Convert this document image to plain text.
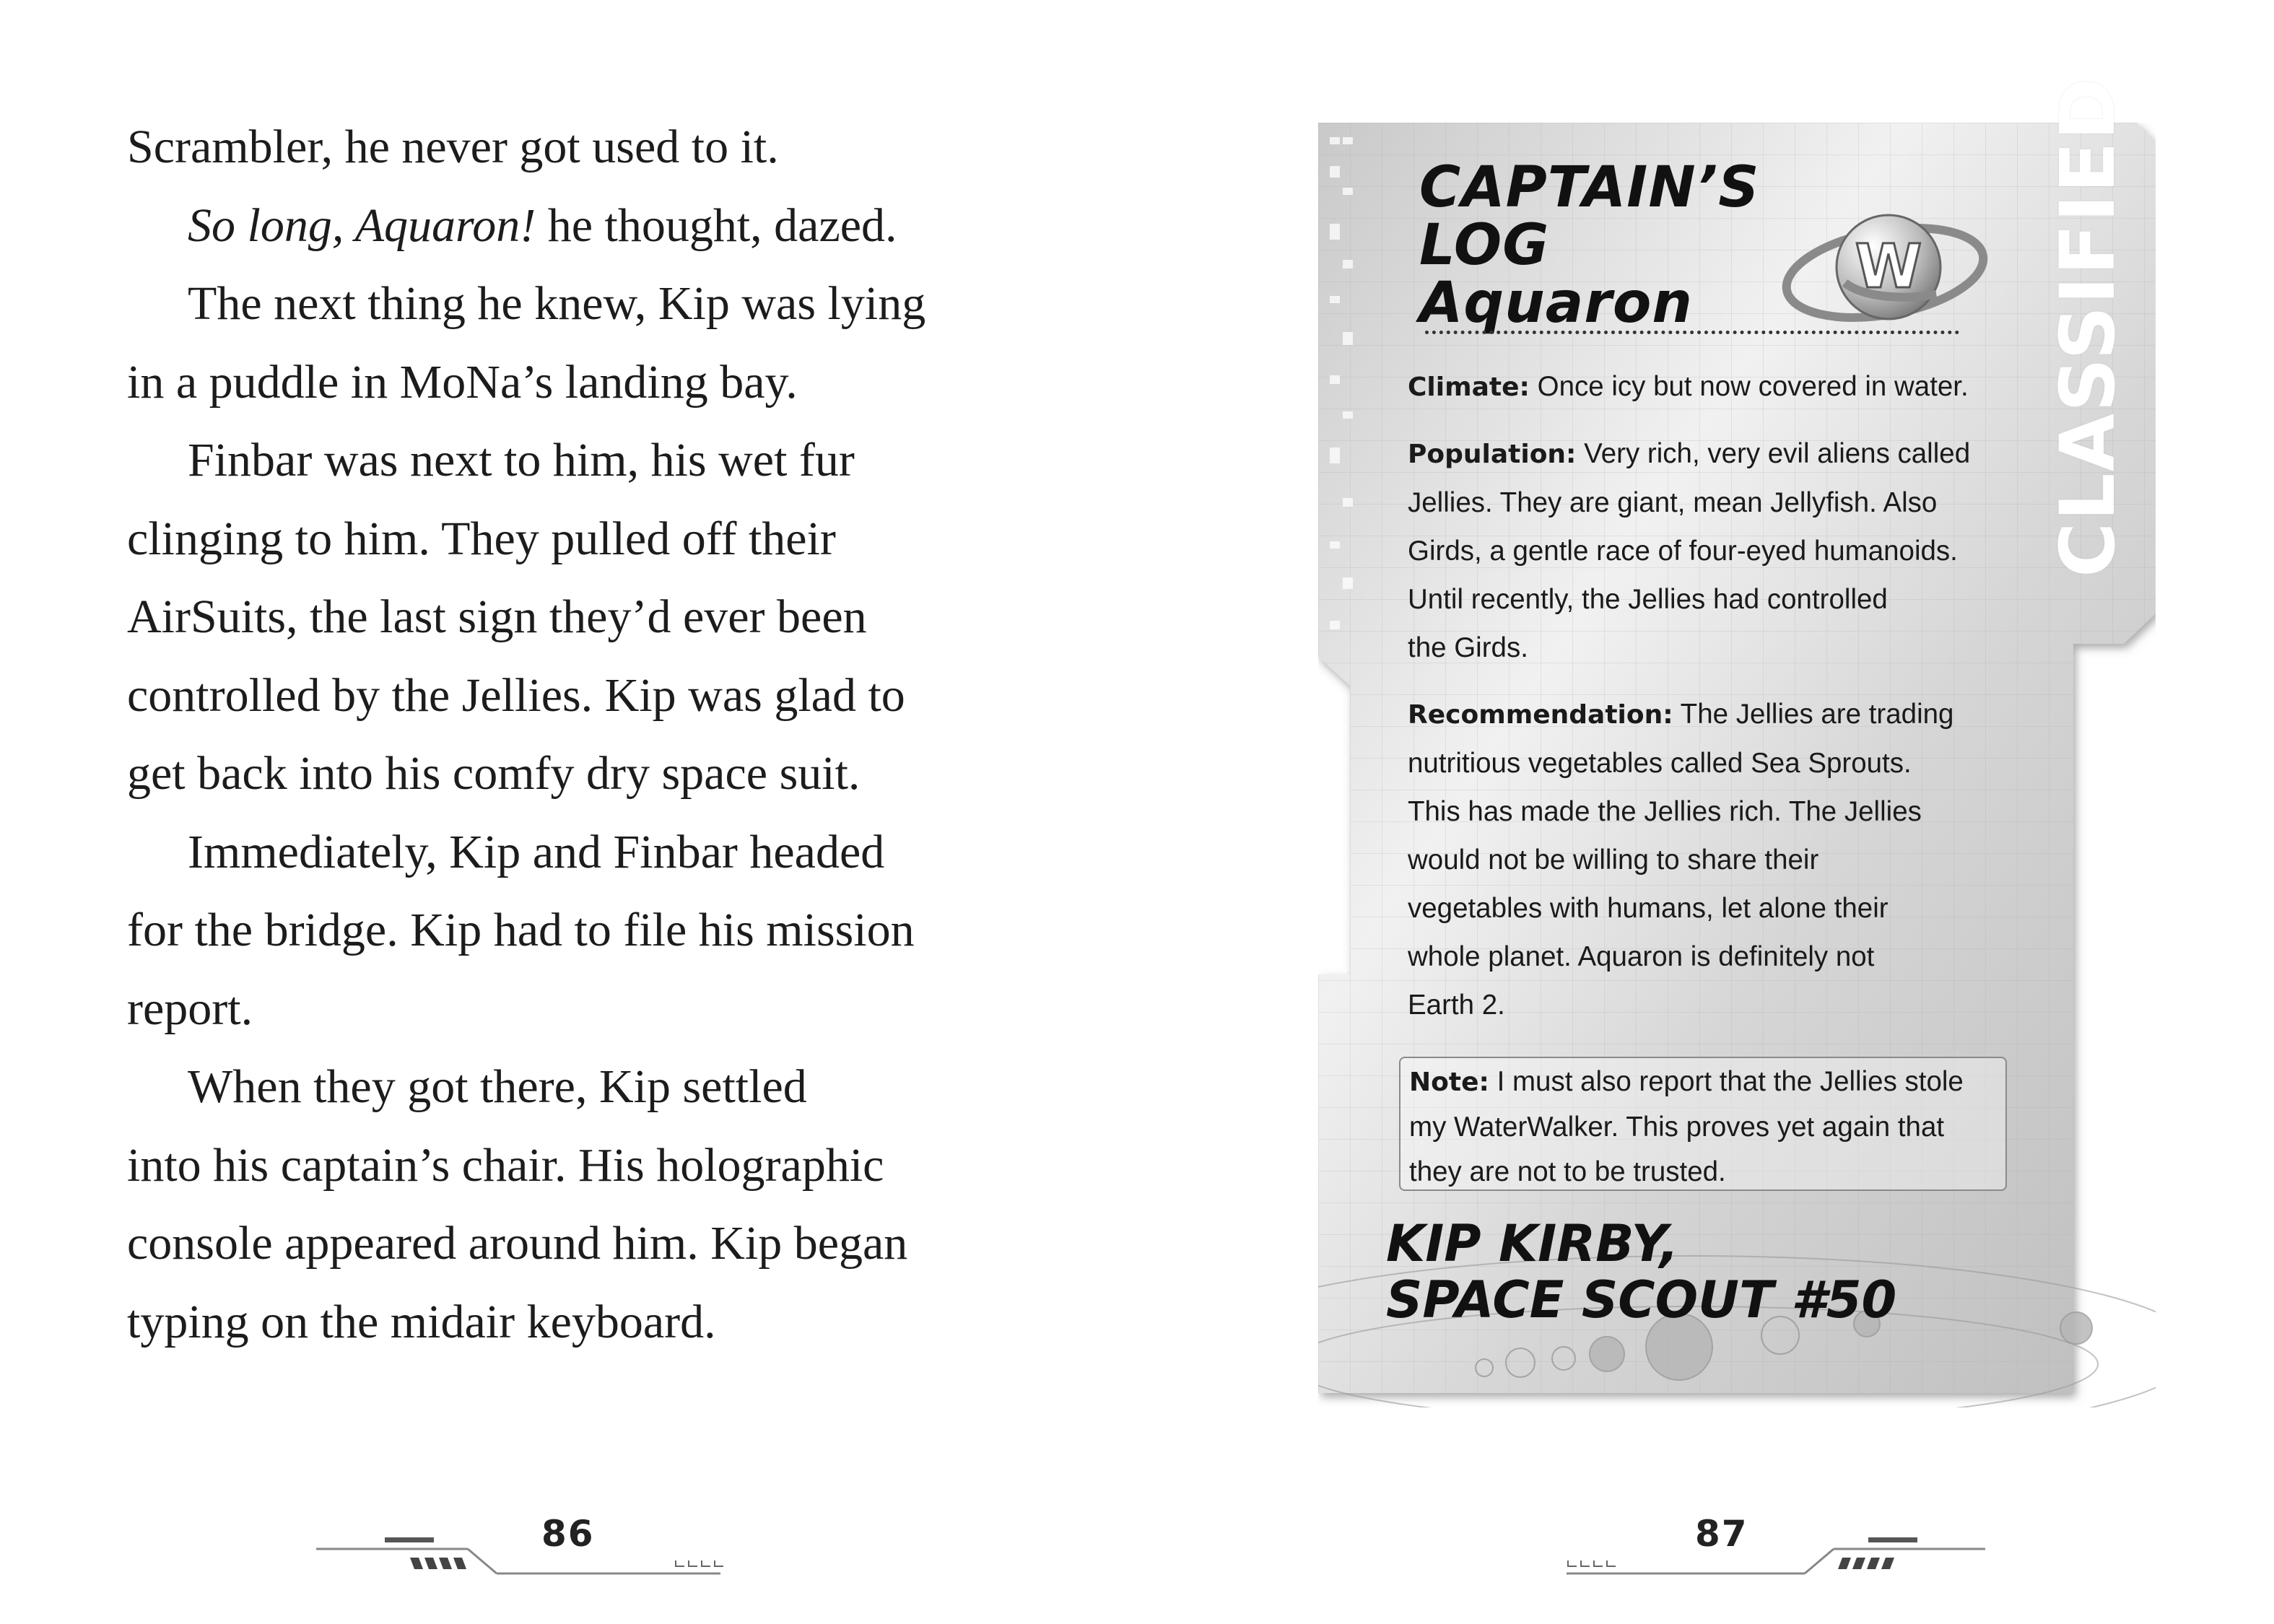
Scrambler, he never got used to it.

So long, Aquaron! he thought, dazed.

The next thing he knew, Kip was lying

in a puddle in MoNa’s landing bay.

Finbar was next to him, his wet fur

clinging to him. They pulled off their

AirSuits, the last sign they’d ever been

controlled by the Jellies. Kip was glad to

get back into his comfy dry space suit.

Immediately, Kip and Finbar headed

for the bridge. Kip had to file his mission

report.

When they got there, Kip settled

into his captain’s chair. His holographic

console appeared around him. Kip began

typing on the midair keyboard.

86
CLASSIFIED
CAPTAIN’S
LOG
Aquaron
W
Climate: Once icy but now covered in water.
Population: Very rich, very evil aliens called
Jellies. They are giant, mean Jellyfish. Also
Girds, a gentle race of four-eyed humanoids.
Until recently, the Jellies had controlled
the Girds.
Recommendation: The Jellies are trading
nutritious vegetables called Sea Sprouts.
This has made the Jellies rich. The Jellies
would not be willing to share their
vegetables with humans, let alone their
whole planet. Aquaron is definitely not
Earth 2.
Note: I must also report that the Jellies stole
my WaterWalker. This proves yet again that
they are not to be trusted.
KIP KIRBY,
SPACE SCOUT #50
87
